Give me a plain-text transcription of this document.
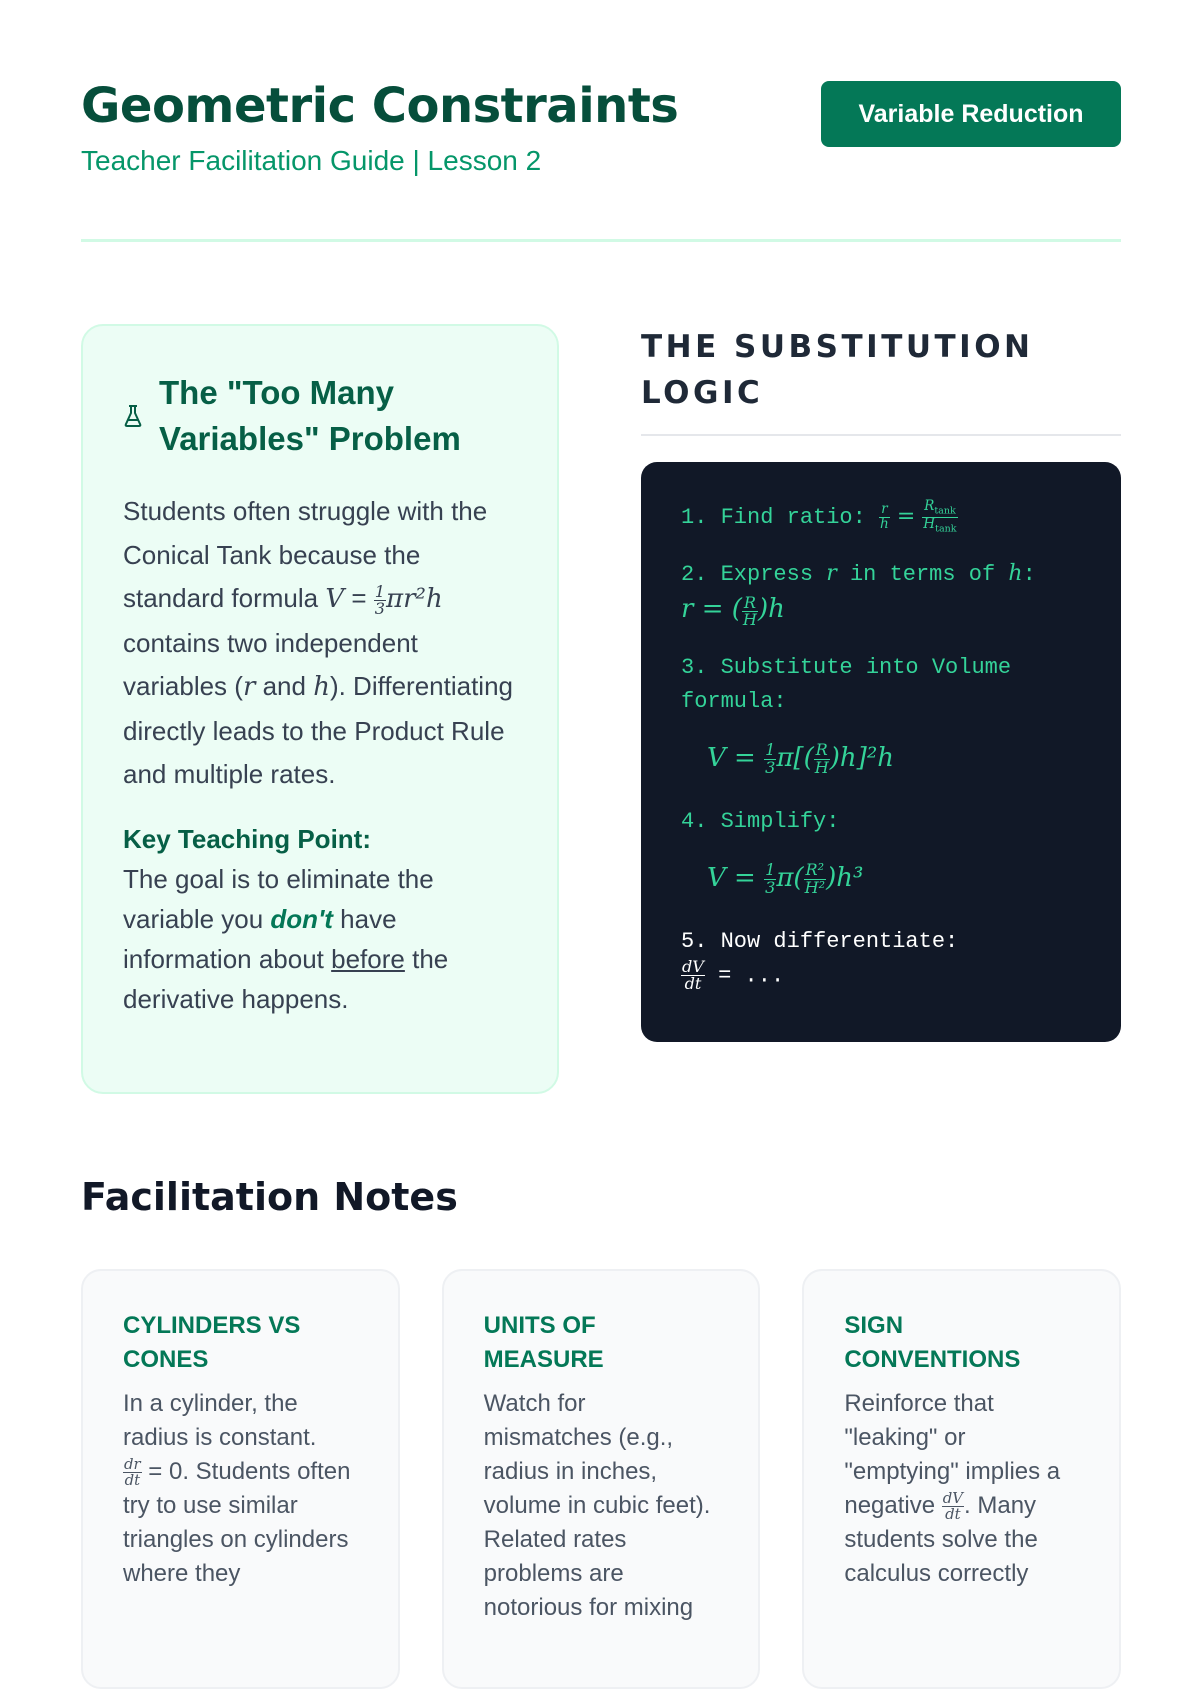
Geometric Constraints
Teacher Facilitation Guide | Lesson 2
Variable Reduction
The "Too Many Variables" Problem

Students often struggle with the Conical Tank because the standard formula $V = \frac{1}{3} \pi r^2h$ contains two independent variables (r and h). Differentiating directly leads to the Product Rule and multiple rates.

Key Teaching Point:
The goal is to eliminate the variable you don't have information about before the derivative happens.
THE SUBSTITUTION LOGIC
1. Find ratio: $\frac{r}{h} = \frac{R_{tank}}{H_{tank}}$
2. Express r in terms of h:
r = ( $\frac{R}{H} )h$
3. Substitute into Volume formula:
$V = \frac{1}{3} \pi[( \frac{R}{H} )h]^2h$
4. Simplify:
$V = \frac{1}{3} \pi( \frac{\text{R²}}{\text{H²}} )h^3$
5. Now differentiate:

$\frac{dV}{dt}$ = ...
Facilitation Notes
CYLINDERS VS CONES
In a cylinder, the radius is constant.

$\frac{dr}{dt} = 0$. Students often try to use similar triangles on cylinders where they
UNITS OF MEASURE
Watch for mismatches (e.g., radius in inches, volume in cubic feet). Related rates problems are notorious for mixing
SIGN CONVENTIONS
Reinforce that "leaking" or "emptying" implies a negative $\frac{dV}{dt}$ . Many students solve the calculus correctly
